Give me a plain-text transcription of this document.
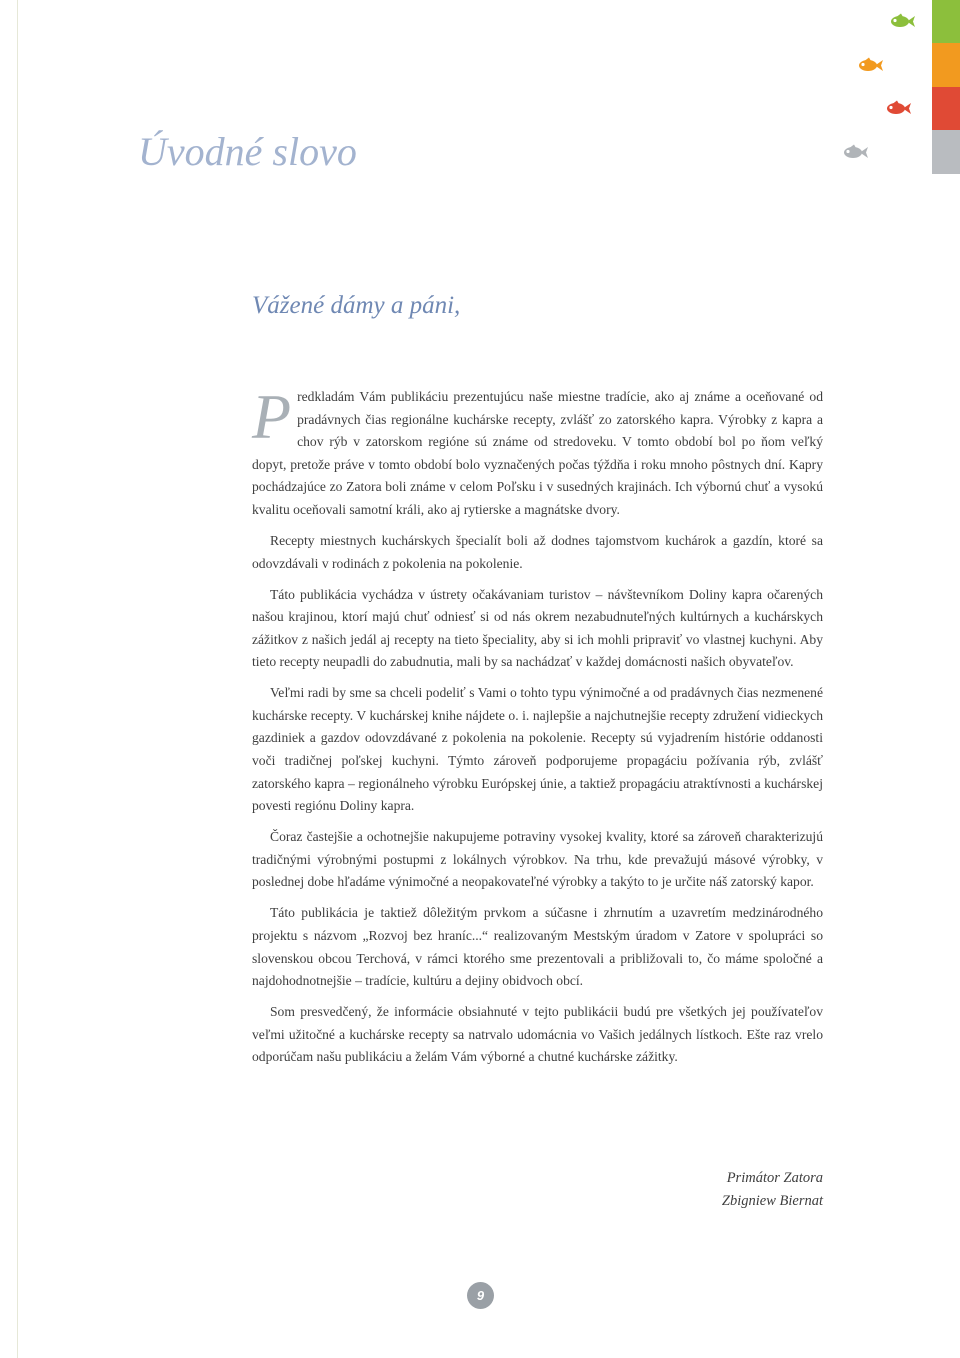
Úvodné slovo
Vážené dámy a páni,

Predkladám Vám publikáciu prezentujúcu naše miestne tradície, ako aj známe a oceňované od pradávnych čias regionálne kuchárske recepty, zvlášť zo zatorského kapra. Výrobky z kapra a chov rýb v zatorskom regióne sú známe od stredoveku. V tomto období bol po ňom veľký dopyt, pretože práve v tomto období bolo vyznačených počas týždňa i roku mnoho pôstnych dní. Kapry pochádzajúce zo Zatora boli známe v celom Poľsku i v susedných krajinách. Ich výbornú chuť a vysokú kvalitu oceňovali samotní králi, ako aj rytierske a magnátske dvory.

Recepty miestnych kuchárskych špecialít boli až dodnes tajomstvom kuchárok a gazdín, ktoré sa odovzdávali v rodinách z pokolenia na pokolenie.

Táto publikácia vychádza v ústrety očakávaniam turistov – návštevníkom Doliny kapra očarených našou krajinou, ktorí majú chuť odniesť si od nás okrem nezabudnuteľných kultúrnych a kuchárskych zážitkov z našich jedál aj recepty na tieto špeciality, aby si ich mohli pripraviť vo vlastnej kuchyni. Aby tieto recepty neupadli do zabudnutia, mali by sa nachádzať v každej domácnosti našich obyvateľov.

Veľmi radi by sme sa chceli podeliť s Vami o tohto typu výnimočné a od pradávnych čias nezmenené kuchárske recepty. V kuchárskej knihe nájdete o. i. najlepšie a najchutnejšie recepty združení vidieckych gazdiniek a gazdov odovzdávané z pokolenia na pokolenie. Recepty sú vyjadrením histórie oddanosti voči tradičnej poľskej kuchyni. Týmto zároveň podporujeme propagáciu požívania rýb, zvlášť zatorského kapra – regionálneho výrobku Európskej únie, a taktiež propagáciu atraktívnosti a kuchárskej povesti regiónu Doliny kapra.

Čoraz častejšie a ochotnejšie nakupujeme potraviny vysokej kvality, ktoré sa zároveň charakterizujú tradičnými výrobnými postupmi z lokálnych výrobkov. Na trhu, kde prevažujú másové výrobky, v poslednej dobe hľadáme výnimočné a neopakovateľné výrobky a takýto to je určite náš zatorský kapor.

Táto publikácia je taktiež dôležitým prvkom a súčasne i zhrnutím a uzavretím medzinárodného projektu s názvom „Rozvoj bez hraníc...“ realizovaným Mestským úradom v Zatore v spolupráci so slovenskou obcou Terchová, v rámci ktorého sme prezentovali a približovali to, čo máme spoločné a najdohodnotnejšie – tradície, kultúru a dejiny obidvoch obcí.

Som presvedčený, že informácie obsiahnuté v tejto publikácii budú pre všetkých jej používateľov veľmi užitočné a kuchárske recepty sa natrvalo udomácnia vo Vašich jedálnych lístkoch. Ešte raz vrelo odporúčam našu publikáciu a želám Vám výborné a chutné kuchárske zážitky.

Primátor Zatora
Zbigniew Biernat
9
